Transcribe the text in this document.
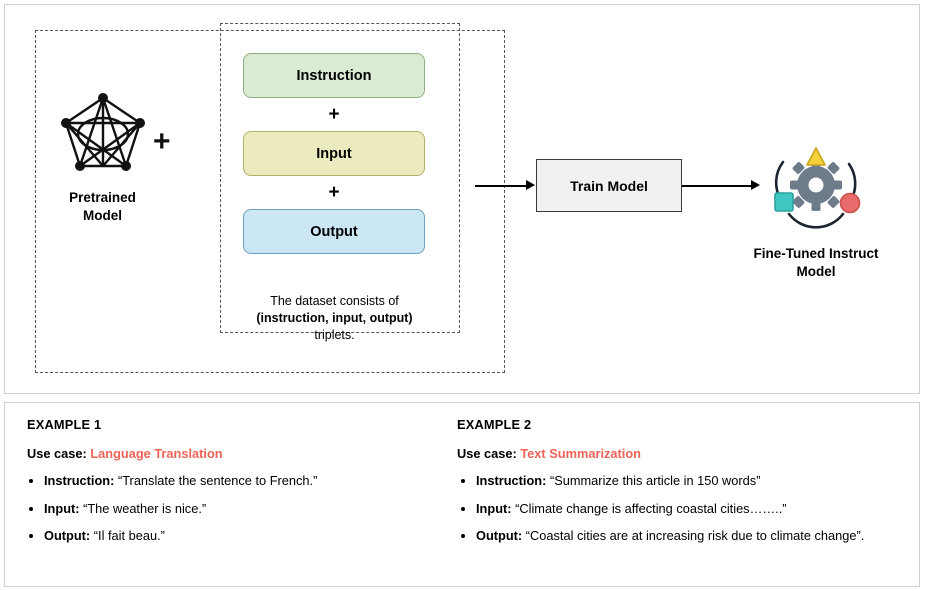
Pretrained
Model
+
Instruction
+
Input
+
Output
The dataset consists of
(instruction, input, output)
triplets.
Train Model
Fine-Tuned Instruct
Model
EXAMPLE 1
Use case: Language Translation
• Instruction: “Translate the sentence to French.”
• Input: “The weather is nice.”
• Output: “Il fait beau.”
EXAMPLE 2
Use case: Text Summarization
• Instruction: “Summarize this article in 150 words”
• Input: “Climate change is affecting coastal cities……..”
• Output: “Coastal cities are at increasing risk due to climate change”.
